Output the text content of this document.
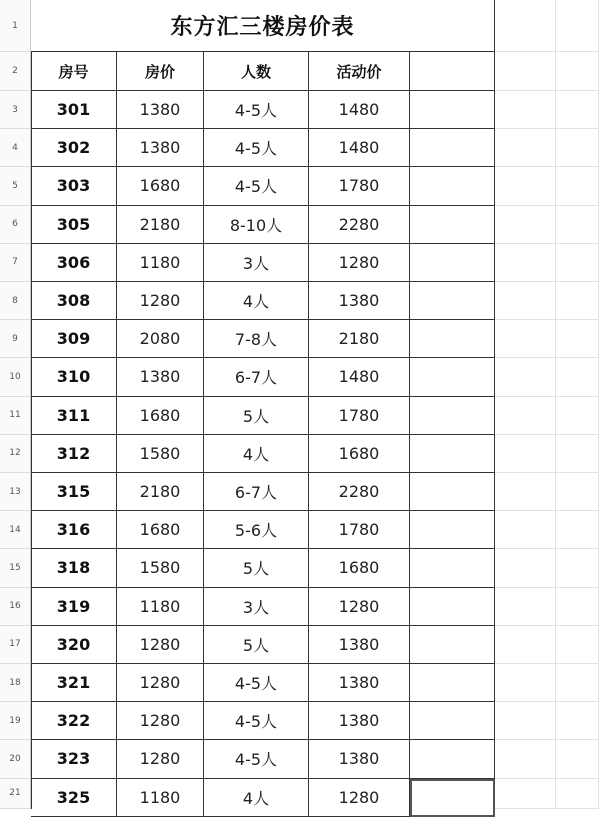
1
2
3
4
5
6
7
8
9
10
11
12
13
14
15
16
17
18
19
20
21
东方汇三楼房价表
房号	房价	人数	活动价
301	1380	4-5人	1480
302	1380	4-5人	1480
303	1680	4-5人	1780
305	2180	8-10人	2280
306	1180	3人	1280
308	1280	4人	1380
309	2080	7-8人	2180
310	1380	6-7人	1480
311	1680	5人	1780
312	1580	4人	1680
315	2180	6-7人	2280
316	1680	5-6人	1780
318	1580	5人	1680
319	1180	3人	1280
320	1280	5人	1380
321	1280	4-5人	1380
322	1280	4-5人	1380
323	1280	4-5人	1380
325	1180	4人	1280
